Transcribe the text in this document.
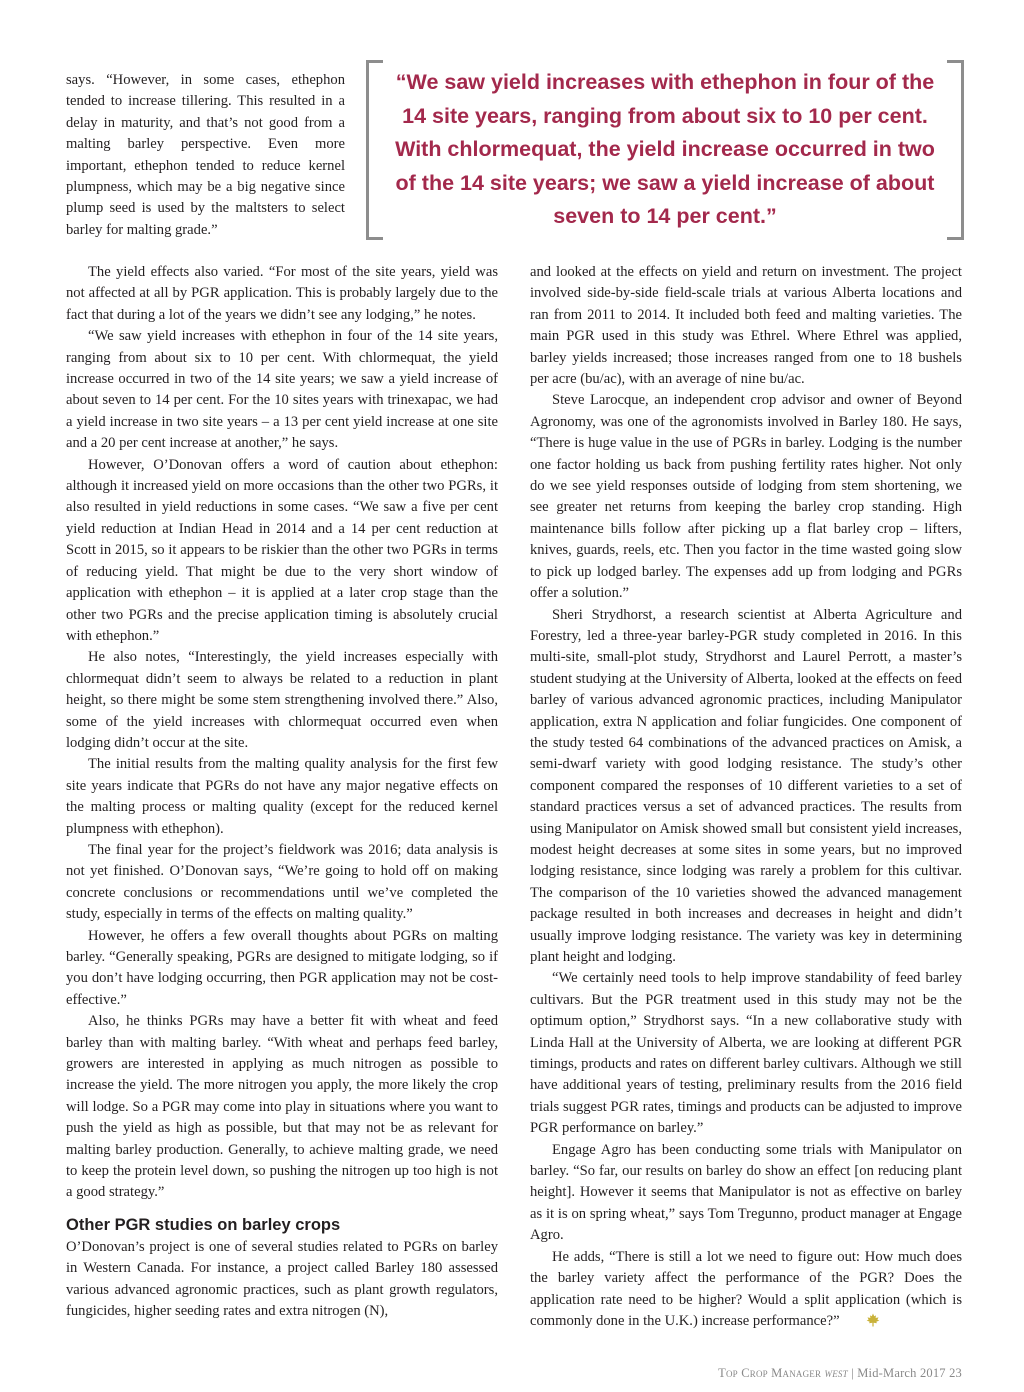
says. “However, in some cases, ethephon tended to increase tillering. This resulted in a delay in maturity, and that’s not good from a malting barley perspective. Even more important, ethephon tended to reduce kernel plumpness, which may be a big negative since plump seed is used by the maltsters to select barley for malting grade.”

“We saw yield increases with ethephon in four of the 14 site years, ranging from about six to 10 per cent. With chlormequat, the yield increase occurred in two of the 14 site years; we saw a yield increase of about seven to 14 per cent.”

The yield effects also varied. “For most of the site years, yield was not affected at all by PGR application. This is probably largely due to the fact that during a lot of the years we didn’t see any lodging,” he notes.

“We saw yield increases with ethephon in four of the 14 site years, ranging from about six to 10 per cent. With chlormequat, the yield increase occurred in two of the 14 site years; we saw a yield increase of about seven to 14 per cent. For the 10 sites years with trinexapac, we had a yield increase in two site years – a 13 per cent yield increase at one site and a 20 per cent increase at another,” he says.

However, O’Donovan offers a word of caution about ethephon: although it increased yield on more occasions than the other two PGRs, it also resulted in yield reductions in some cases. “We saw a five per cent yield reduction at Indian Head in 2014 and a 14 per cent reduction at Scott in 2015, so it appears to be riskier than the other two PGRs in terms of reducing yield. That might be due to the very short window of application with ethephon – it is applied at a later crop stage than the other two PGRs and the precise application timing is absolutely crucial with ethephon.”

He also notes, “Interestingly, the yield increases especially with chlormequat didn’t seem to always be related to a reduction in plant height, so there might be some stem strengthening involved there.” Also, some of the yield increases with chlormequat occurred even when lodging didn’t occur at the site.

The initial results from the malting quality analysis for the first few site years indicate that PGRs do not have any major negative effects on the malting process or malting quality (except for the reduced kernel plumpness with ethephon).

The final year for the project’s fieldwork was 2016; data analysis is not yet finished. O’Donovan says, “We’re going to hold off on making concrete conclusions or recommendations until we’ve completed the study, especially in terms of the effects on malting quality.”

However, he offers a few overall thoughts about PGRs on malting barley. “Generally speaking, PGRs are designed to mitigate lodging, so if you don’t have lodging occurring, then PGR application may not be cost-effective.”

Also, he thinks PGRs may have a better fit with wheat and feed barley than with malting barley. “With wheat and perhaps feed barley, growers are interested in applying as much nitrogen as possible to increase the yield. The more nitrogen you apply, the more likely the crop will lodge. So a PGR may come into play in situations where you want to push the yield as high as possible, but that may not be as relevant for malting barley production. Generally, to achieve malting grade, we need to keep the protein level down, so pushing the nitrogen up too high is not a good strategy.”

Other PGR studies on barley crops

O’Donovan’s project is one of several studies related to PGRs on barley in Western Canada. For instance, a project called Barley 180 assessed various advanced agronomic practices, such as plant growth regulators, fungicides, higher seeding rates and extra nitrogen (N),

and looked at the effects on yield and return on investment. The project involved side-by-side field-scale trials at various Alberta locations and ran from 2011 to 2014. It included both feed and malting varieties. The main PGR used in this study was Ethrel. Where Ethrel was applied, barley yields increased; those increases ranged from one to 18 bushels per acre (bu/ac), with an average of nine bu/ac.

Steve Larocque, an independent crop advisor and owner of Beyond Agronomy, was one of the agronomists involved in Barley 180. He says, “There is huge value in the use of PGRs in barley. Lodging is the number one factor holding us back from pushing fertility rates higher. Not only do we see yield responses outside of lodging from stem shortening, we see greater net returns from keeping the barley crop standing. High maintenance bills follow after picking up a flat barley crop – lifters, knives, guards, reels, etc. Then you factor in the time wasted going slow to pick up lodged barley. The expenses add up from lodging and PGRs offer a solution.”

Sheri Strydhorst, a research scientist at Alberta Agriculture and Forestry, led a three-year barley-PGR study completed in 2016. In this multi-site, small-plot study, Strydhorst and Laurel Perrott, a master’s student studying at the University of Alberta, looked at the effects on feed barley of various advanced agronomic practices, including Manipulator application, extra N application and foliar fungicides. One component of the study tested 64 combinations of the advanced practices on Amisk, a semi-dwarf variety with good lodging resistance. The study’s other component compared the responses of 10 different varieties to a set of standard practices versus a set of advanced practices. The results from using Manipulator on Amisk showed small but consistent yield increases, modest height decreases at some sites in some years, but no improved lodging resistance, since lodging was rarely a problem for this cultivar. The comparison of the 10 varieties showed the advanced management package resulted in both increases and decreases in height and didn’t usually improve lodging resistance. The variety was key in determining plant height and lodging.

“We certainly need tools to help improve standability of feed barley cultivars. But the PGR treatment used in this study may not be the optimum option,” Strydhorst says. “In a new collaborative study with Linda Hall at the University of Alberta, we are looking at different PGR timings, products and rates on different barley cultivars. Although we still have additional years of testing, preliminary results from the 2016 field trials suggest PGR rates, timings and products can be adjusted to improve PGR performance on barley.”

Engage Agro has been conducting some trials with Manipulator on barley. “So far, our results on barley do show an effect [on reducing plant height]. However it seems that Manipulator is not as effective on barley as it is on spring wheat,” says Tom Tregunno, product manager at Engage Agro.

He adds, “There is still a lot we need to figure out: How much does the barley variety affect the performance of the PGR? Does the application rate need to be higher? Would a split application (which is commonly done in the U.K.) increase performance?”

Top Crop Manager west | Mid-March 2017 23
